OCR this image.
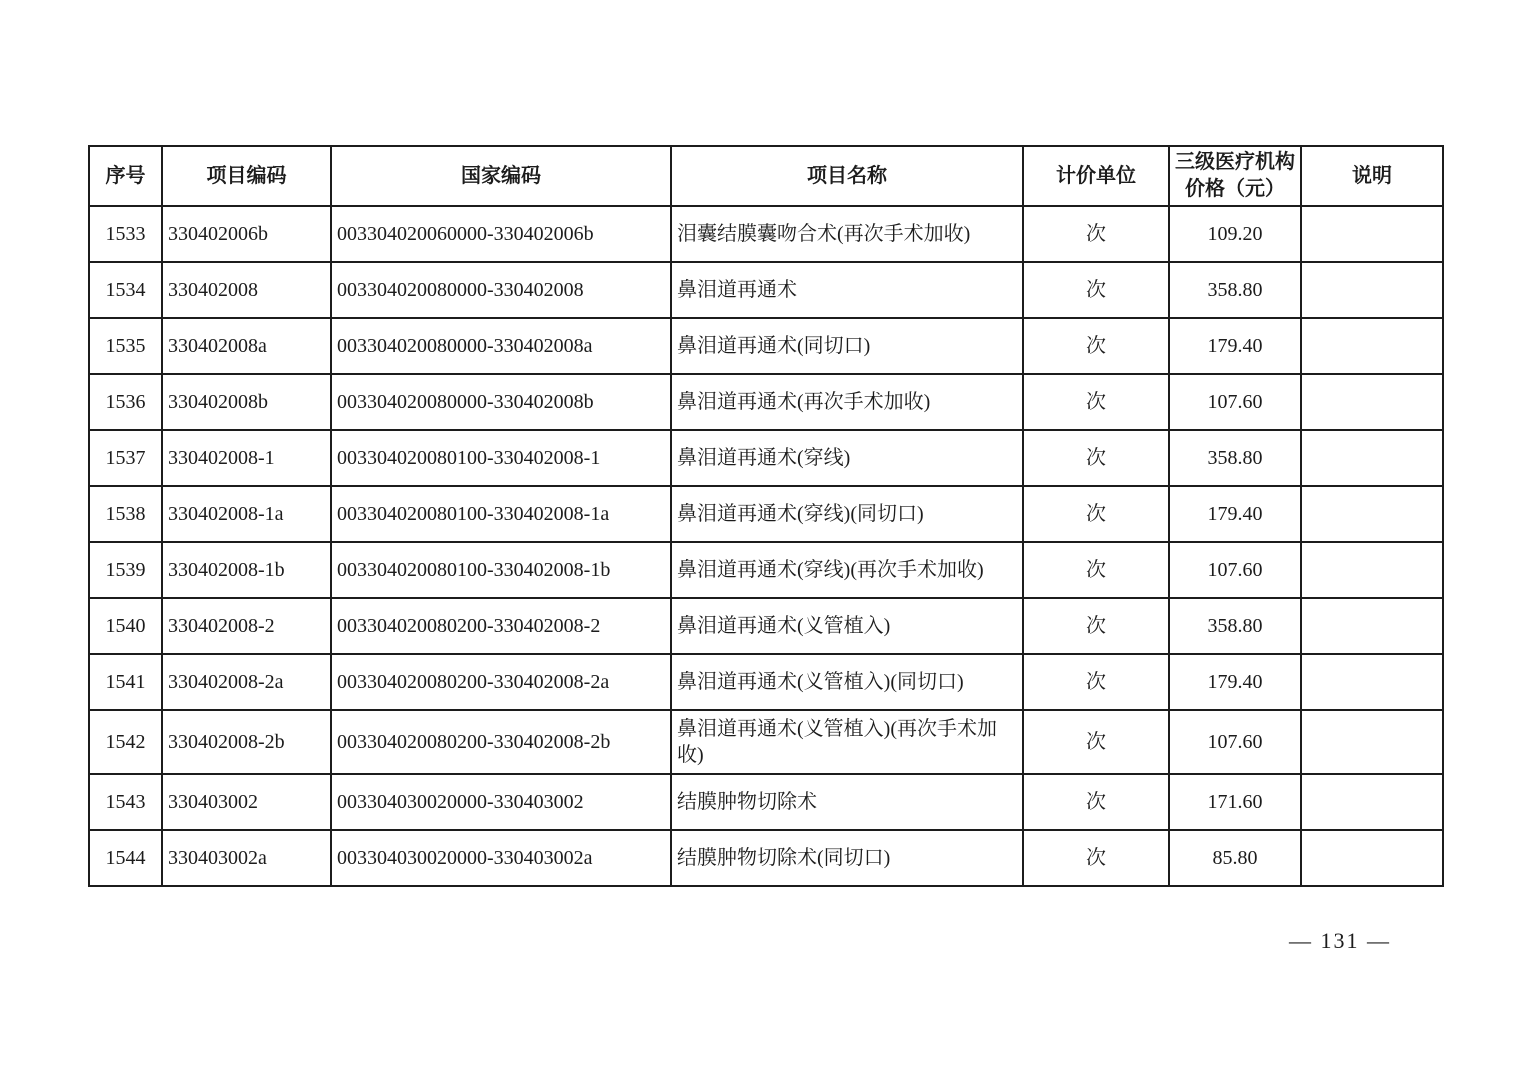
序号	项目编码	国家编码	项目名称	计价单位	三级医疗机构价格（元）	说明
1533	330402006b	003304020060000-330402006b	泪囊结膜囊吻合术(再次手术加收)	次	109.20	
1534	330402008	003304020080000-330402008	鼻泪道再通术	次	358.80	
1535	330402008a	003304020080000-330402008a	鼻泪道再通术(同切口)	次	179.40	
1536	330402008b	003304020080000-330402008b	鼻泪道再通术(再次手术加收)	次	107.60	
1537	330402008-1	003304020080100-330402008-1	鼻泪道再通术(穿线)	次	358.80	
1538	330402008-1a	003304020080100-330402008-1a	鼻泪道再通术(穿线)(同切口)	次	179.40	
1539	330402008-1b	003304020080100-330402008-1b	鼻泪道再通术(穿线)(再次手术加收)	次	107.60	
1540	330402008-2	003304020080200-330402008-2	鼻泪道再通术(义管植入)	次	358.80	
1541	330402008-2a	003304020080200-330402008-2a	鼻泪道再通术(义管植入)(同切口)	次	179.40	
1542	330402008-2b	003304020080200-330402008-2b	鼻泪道再通术(义管植入)(再次手术加收)	次	107.60	
1543	330403002	003304030020000-330403002	结膜肿物切除术	次	171.60	
1544	330403002a	003304030020000-330403002a	结膜肿物切除术(同切口)	次	85.80	
— 131 —
